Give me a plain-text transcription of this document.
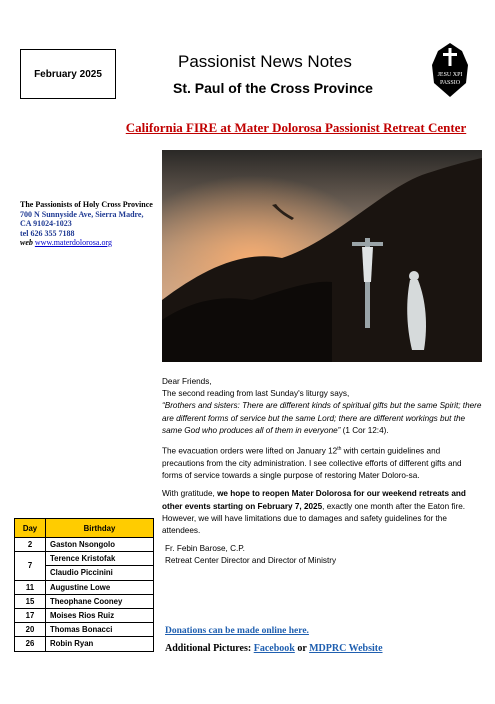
February 2025
Passionist News Notes
St. Paul of the Cross Province
JESU XPI
PASSIO
California FIRE at Mater Dolorosa Passionist Retreat Center
The Passionists of Holy Cross Province
700 N Sunnyside Ave, Sierra Madre,
CA 91024-1023
tel 626 355 7188
web www.materdolorosa.org

Dear Friends,

The second reading from last Sunday's liturgy says,

“Brothers and sisters: There are different kinds of spiritual gifts but the same Spirit; there are different forms of service but the same Lord; there are different workings but the same God who produces all of them in everyone” (1 Cor 12:4).

The evacuation orders were lifted on January 12th with certain guidelines and precautions from the city administration. I see collective efforts of different gifts and forms of service towards a single purpose of restoring Mater Doloro-sa.

With gratitude, we hope to reopen Mater Dolorosa for our weekend retreats and other events starting on February 7, 2025, exactly one month after the Eaton fire. However, we will have limitations due to damages and safety guidelines for the attendees.

Fr. Febin Barose, C.P.

Retreat Center Director and Director of Ministry

Day	Birthday
2	Gaston Nsongolo
7	Terence Kristofak
	Claudio Piccinini
11	Augustine Lowe
15	Theophane Cooney
17	Moises Rios Ruiz
20	Thomas Bonacci
26	Robin Ryan
Donations can be made online here.
Additional Pictures: Facebook or MDPRC Website
